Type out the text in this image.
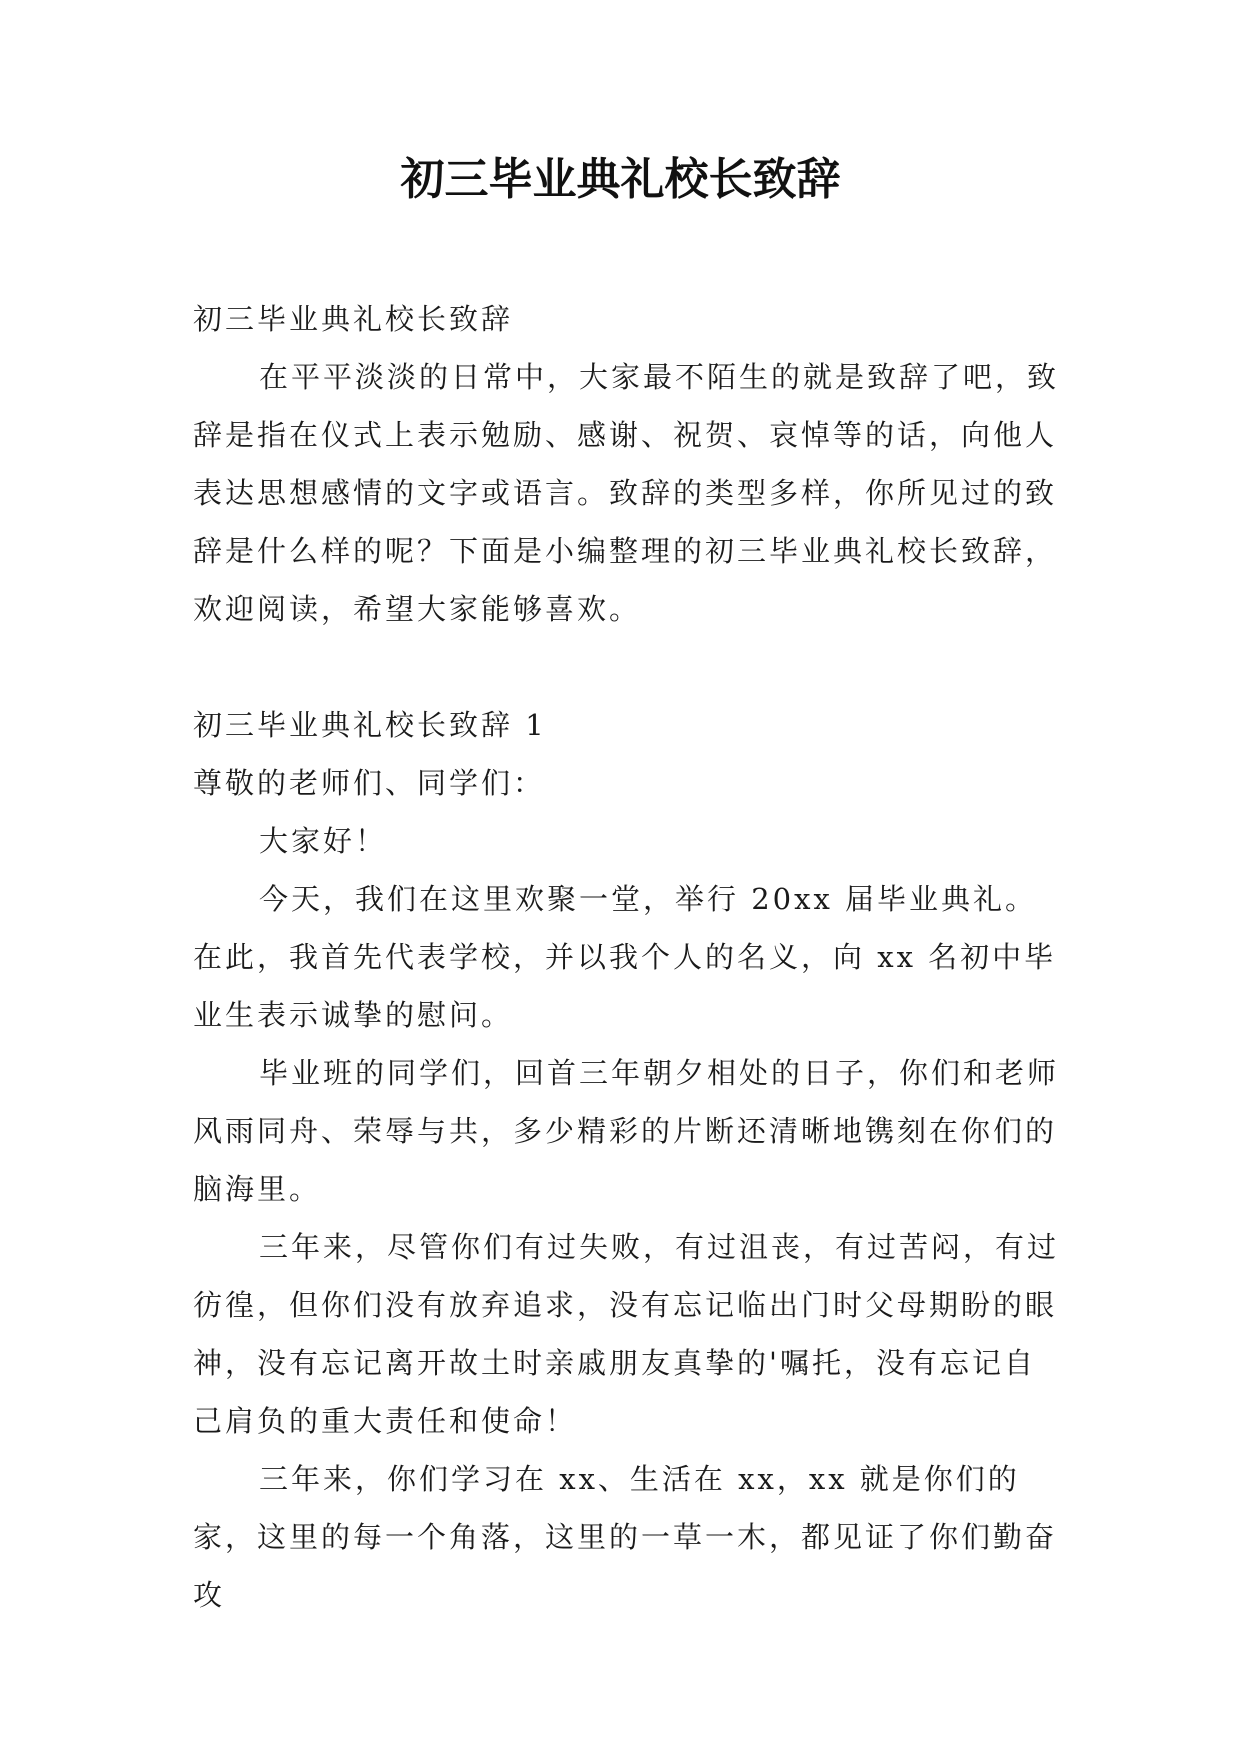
初三毕业典礼校长致辞

初三毕业典礼校长致辞

在平平淡淡的日常中，大家最不陌生的就是致辞了吧，致辞是指在仪式上表示勉励、感谢、祝贺、哀悼等的话，向他人表达思想感情的文字或语言。致辞的类型多样，你所见过的致辞是什么样的呢？下面是小编整理的初三毕业典礼校长致辞，欢迎阅读，希望大家能够喜欢。

初三毕业典礼校长致辞 1

尊敬的老师们、同学们：

大家好！

今天，我们在这里欢聚一堂，举行 20xx 届毕业典礼。在此，我首先代表学校，并以我个人的名义，向 xx 名初中毕业生表示诚挚的慰问。

毕业班的同学们，回首三年朝夕相处的日子，你们和老师风雨同舟、荣辱与共，多少精彩的片断还清晰地镌刻在你们的脑海里。

三年来，尽管你们有过失败，有过沮丧，有过苦闷，有过彷徨，但你们没有放弃追求，没有忘记临出门时父母期盼的眼神，没有忘记离开故土时亲戚朋友真挚的'嘱托，没有忘记自己肩负的重大责任和使命！

三年来，你们学习在 xx、生活在 xx，xx 就是你们的家，这里的每一个角落，这里的一草一木，都见证了你们勤奋攻
